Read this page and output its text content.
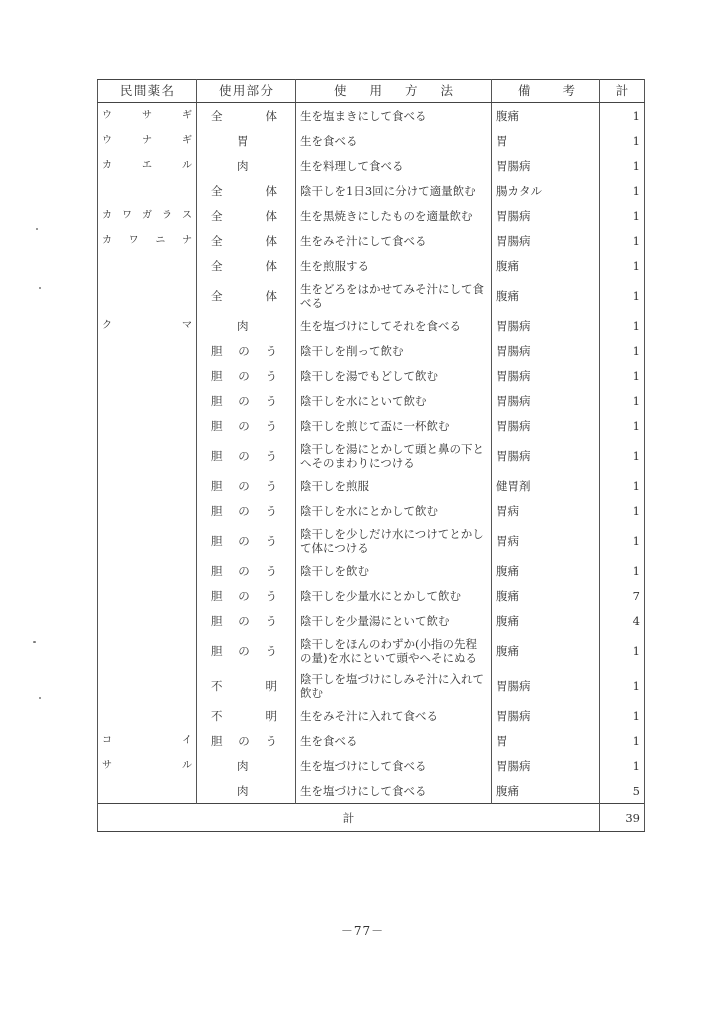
民 間 薬 名	使 用 部 分	使 用 方 法	備 考	計

ウ サ ギ	全 体	生を塩まきにして食べる	腹痛	1

ウ ナ ギ	胃	生を食べる	胃	1

カ エ ル	肉	生を料理して食べる	胃腸病	1

	全 体	陰干しを1日3回に分けて適量飲む	腸カタル	1

カ ワ ガ ラ ス	全 体	生を黒焼きにしたものを適量飲む	胃腸病	1

カ ワ ニ ナ	全 体	生をみそ汁にして食べる	胃腸病	1

	全 体	生を煎服する	腹痛	1

	全 体	生をどろをはかせてみそ汁にして食べる	腹痛	1

ク マ	肉	生を塩づけにしてそれを食べる	胃腸病	1

	胆 の う	陰干しを削って飲む	胃腸病	1

	胆 の う	陰干しを湯でもどして飲む	胃腸病	1

	胆 の う	陰干しを水にといて飲む	胃腸病	1

	胆 の う	陰干しを煎じて盃に一杯飲む	胃腸病	1

	胆 の う	陰干しを湯にとかして頭と鼻の下とへそのまわりにつける	胃腸病	1

	胆 の う	陰干しを煎服	健胃剤	1

	胆 の う	陰干しを水にとかして飲む	胃病	1

	胆 の う	陰干しを少しだけ水につけてとかして体につける	胃病	1

	胆 の う	陰干しを飲む	腹痛	1

	胆 の う	陰干しを少量水にとかして飲む	腹痛	7

	胆 の う	陰干しを少量湯にといて飲む	腹痛	4

	胆 の う	陰干しをほんのわずか(小指の先程の量)を水にといて頭やへそにぬる	腹痛	1

	不 明	陰干しを塩づけにしみそ汁に入れて飲む	胃腸病	1

	不 明	生をみそ汁に入れて食べる	胃腸病	1

コ イ	胆 の う	生を食べる	胃	1

サ ル	肉	生を塩づけにして食べる	胃腸病	1

	肉	生を塩づけにして食べる	腹痛	5
計				39
－77－
